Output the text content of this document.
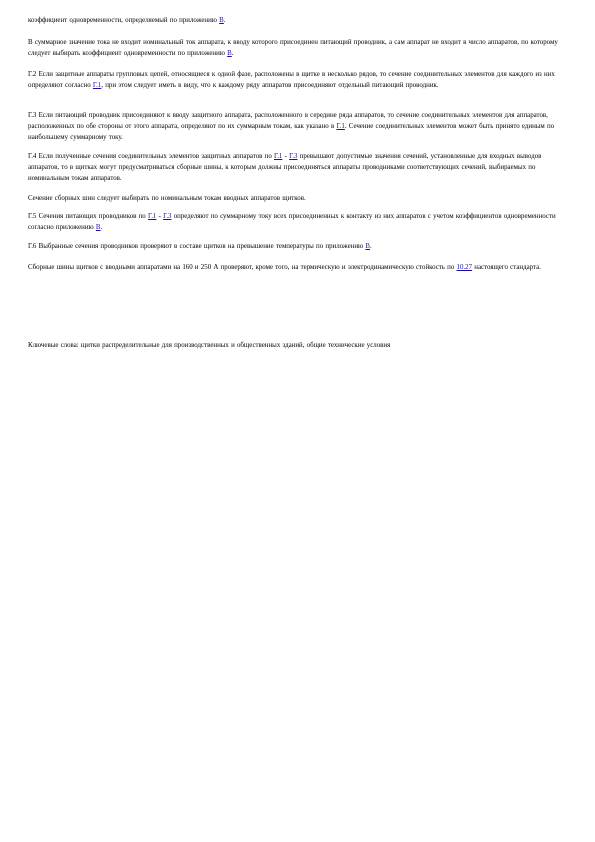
коэффициент одновременности, определяемый по приложению В.

В суммарное значение тока не входит номинальный ток аппарата, к вводу которого присоединен питающий проводник, а сам аппарат не входит в число аппаратов, по которому следует выбирать коэффициент одновременности по приложению В.

Г.2 Если защитные аппараты групповых цепей, относящиеся к одной фазе, расположены в щитке в несколько рядов, то сечение соединительных элементов для каждого из них определяют согласно Г.1, при этом следует иметь в виду, что к каждому ряду аппаратов присоединяют отдельный питающий проводник.

Г.3 Если питающий проводник присоединяют к вводу защитного аппарата, расположенного в середине ряда аппаратов, то сечение соединительных элементов для аппаратов, расположенных по обе стороны от этого аппарата, определяют по их суммарным токам, как указано в Г.1. Сечение соединительных элементов может быть принято единым по наибольшему суммарному току.

Г.4 Если полученные сечения соединительных элементов защитных аппаратов по Г.1 - Г.3 превышают допустимые значения сечений, установленные для входных выводов аппаратов, то в щитках могут предусматриваться сборные шины, к которым должны присоединяться аппараты проводниками соответствующих сечений, выбираемых по номинальным токам аппаратов.

Сечение сборных шин следует выбирать по номинальным токам вводных аппаратов щитков.

Г.5 Сечения питающих проводников по Г.1 - Г.3 определяют по суммарному току всех присоединенных к контакту из них аппаратов с учетом коэффициентов одновременности согласно приложению В.

Г.6 Выбранные сечения проводников проверяют в составе щитков на превышение температуры по приложению В.

Сборные шины щитков с вводными аппаратами на 160 и 250 А проверяют, кроме того, на термическую и электродинамическую стойкость по 10.27 настоящего стандарта.

Ключевые слова: щитки распределительные для производственных и общественных зданий, общие технические условия
